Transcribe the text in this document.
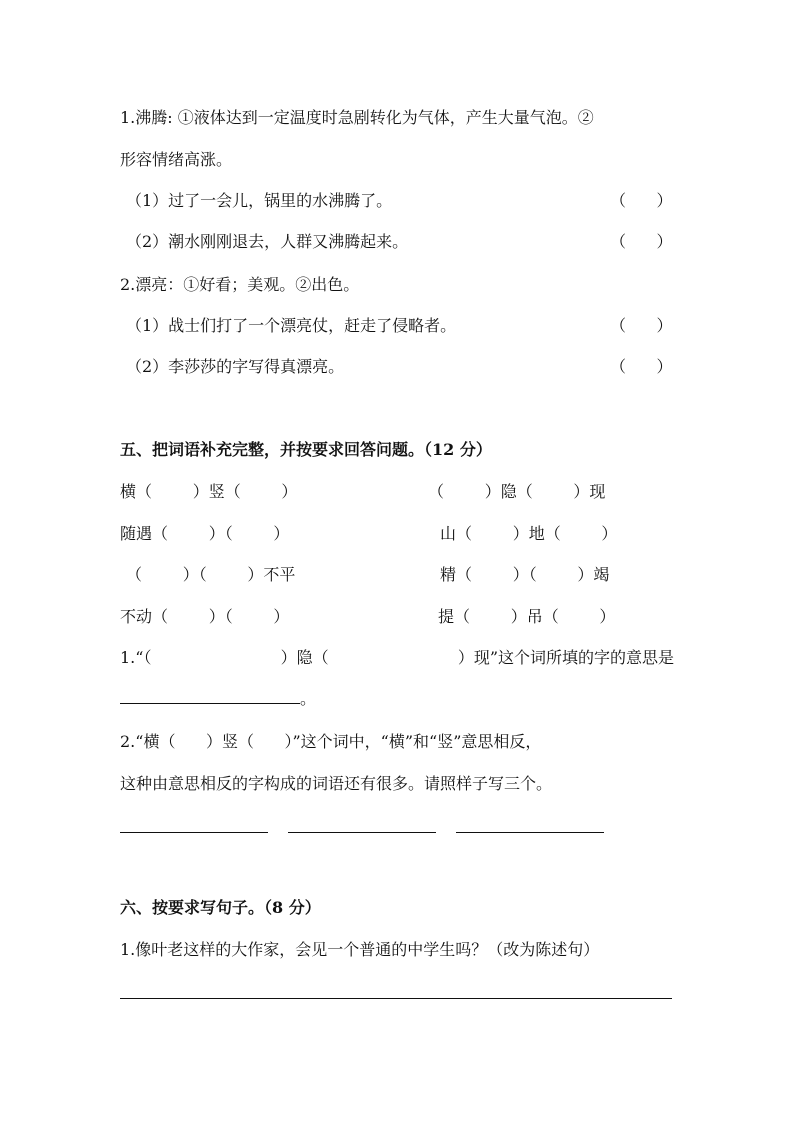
1.沸腾: ①液体达到一定温度时急剧转化为气体，产生大量气泡。②
形容情绪高涨。
（1）过了一会儿，锅里的水沸腾了。	（      ）
（2）潮水刚刚退去，人群又沸腾起来。	（      ）
2.漂亮：①好看；美观。②出色。
（1）战士们打了一个漂亮仗，赶走了侵略者。	（      ）
（2）李莎莎的字写得真漂亮。	（      ）
五、把词语补充完整，并按要求回答问题。（12 分）
横（        ）竖（        ）	（        ）隐（        ）现
随遇（        ）（        ）	山（        ）地（        ）
（        ）（        ）不平	精（        ）（        ）竭
不动（        ）（        ）	提（        ）吊（        ）
1.“（	）隐（	）现”这个词所填的字的意思是
。
2.“横（      ）竖（      ）”这个词中，“横”和“竖”意思相反，
这种由意思相反的字构成的词语还有很多。请照样子写三个。
六、按要求写句子。（8 分）
1.像叶老这样的大作家，会见一个普通的中学生吗？（改为陈述句）
